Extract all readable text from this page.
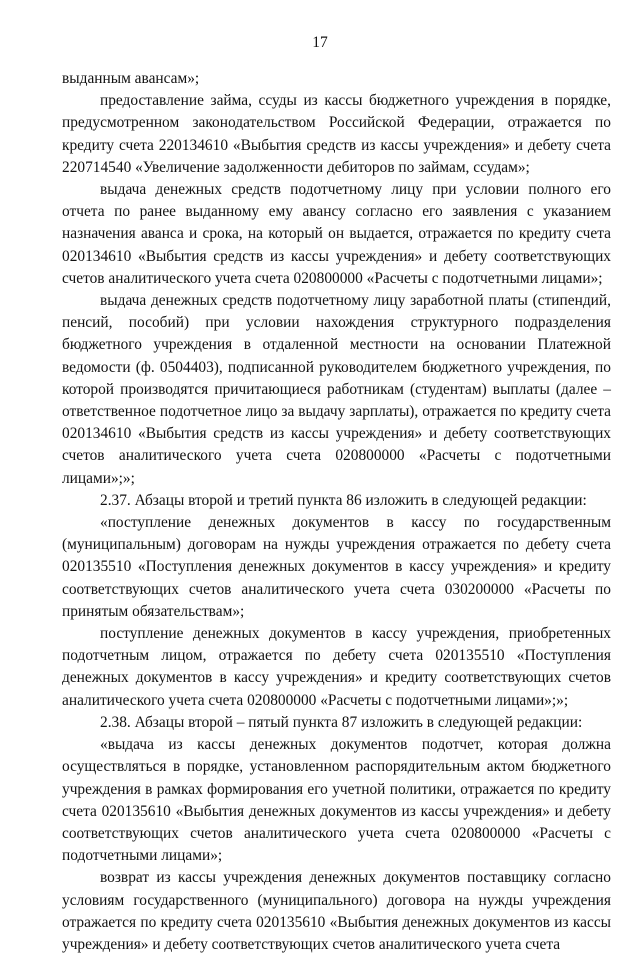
17

выданным авансам»;

предоставление займа, ссуды из кассы бюджетного учреждения в порядке, предусмотренном законодательством Российской Федерации, отражается по кредиту счета 220134610 «Выбытия средств из кассы учреждения» и дебету счета 220714540 «Увеличение задолженности дебиторов по займам, ссудам»;

выдача денежных средств подотчетному лицу при условии полного его отчета по ранее выданному ему авансу согласно его заявления с указанием назначения аванса и срока, на который он выдается, отражается по кредиту счета 020134610 «Выбытия средств из кассы учреждения» и дебету соответствующих счетов аналитического учета счета 020800000 «Расчеты с подотчетными лицами»;

выдача денежных средств подотчетному лицу заработной платы (стипендий, пенсий, пособий) при условии нахождения структурного подразделения бюджетного учреждения в отдаленной местности на основании Платежной ведомости (ф. 0504403), подписанной руководителем бюджетного учреждения, по которой производятся причитающиеся работникам (студентам) выплаты (далее – ответственное подотчетное лицо за выдачу зарплаты), отражается по кредиту счета 020134610 «Выбытия средств из кассы учреждения» и дебету соответствующих счетов аналитического учета счета 020800000 «Расчеты с подотчетными лицами»;»;

2.37. Абзацы второй и третий пункта 86 изложить в следующей редакции:

«поступление денежных документов в кассу по государственным (муниципальным) договорам на нужды учреждения отражается по дебету счета 020135510 «Поступления денежных документов в кассу учреждения» и кредиту соответствующих счетов аналитического учета счета 030200000 «Расчеты по принятым обязательствам»;

поступление денежных документов в кассу учреждения, приобретенных подотчетным лицом, отражается по дебету счета 020135510 «Поступления денежных документов в кассу учреждения» и кредиту соответствующих счетов аналитического учета счета 020800000 «Расчеты с подотчетными лицами»;»;

2.38. Абзацы второй – пятый пункта 87 изложить в следующей редакции:

«выдача из кассы денежных документов подотчет, которая должна осуществляться в порядке, установленном распорядительным актом бюджетного учреждения в рамках формирования его учетной политики, отражается по кредиту счета 020135610 «Выбытия денежных документов из кассы учреждения» и дебету соответствующих счетов аналитического учета счета 020800000 «Расчеты с подотчетными лицами»;

возврат из кассы учреждения денежных документов поставщику согласно условиям государственного (муниципального) договора на нужды учреждения отражается по кредиту счета 020135610 «Выбытия денежных документов из кассы учреждения» и дебету соответствующих счетов аналитического учета счета
